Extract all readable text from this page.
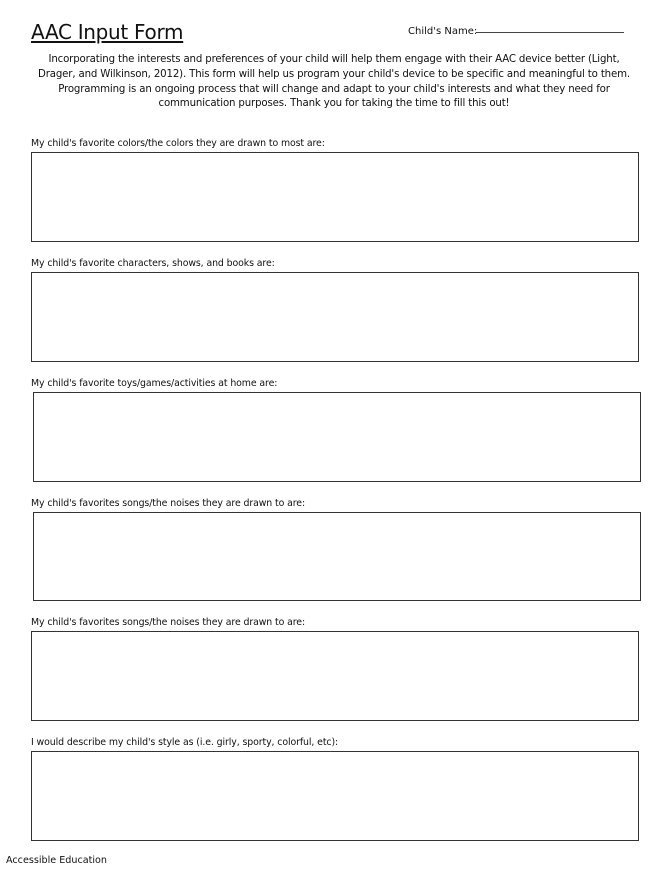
AAC Input Form	Child's Name:

Incorporating the interests and preferences of your child will help them engage with their AAC device better (Light, Drager, and Wilkinson, 2012). This form will help us program your child's device to be specific and meaningful to them. Programming is an ongoing process that will change and adapt to your child's interests and what they need for communication purposes. Thank you for taking the time to fill this out!

My child's favorite colors/the colors they are drawn to most are:
My child's favorite characters, shows, and books are:
My child's favorite toys/games/activities at home are:
My child's favorites songs/the noises they are drawn to are:
My child's favorites songs/the noises they are drawn to are:
I would describe my child's style as (i.e. girly, sporty, colorful, etc):
Accessible Education
